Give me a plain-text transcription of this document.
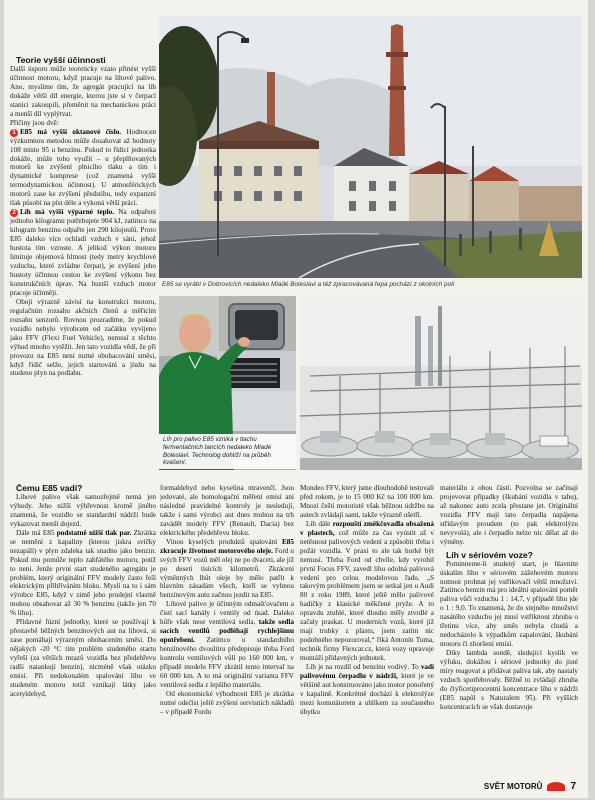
Teorie vyšší účinnosti

Další úsporu může teoreticky vzato přinést vyšší účinnost motoru, když pracuje na lihové palivo. Ano, myslíme tím, že agregát pracující na líh dokáže větší díl energie, kterou jste si v čerpací stanici zakoupili, přeměnit na mechanickou práci a menší díl vyplýtvat.

Příčiny jsou dvě:

1 E85 má vyšší oktanové číslo. Hodnocen výzkumnou metodou může dosahovat až hodnoty 108 místo 95 u benzínu. Pokud to řídicí jednotka dokáže, může toho využít – u přeplňovaných motorů ke zvýšení plnicího tlaku a tím i dynamické komprese (což znamená vyšší termodynamickou účinnost). U atmosférických motorů zase ke zvýšení předstihu, tedy expanzní tlak působí na píst déle a vykoná větší práci.

2 Líh má vyšší výparné teplo. Na odpaření jednoho kilogramu potřebujete 904 kJ, zatímco na kilogram benzinu odpařte jen 290 kilojoulů. Proto E85 daleko více ochladí vzduch v sání, jehož hustota tím vzroste. A jelikož výkon motoru limituje objemová hltnost (tedy metry krychlové vzduchu, které zvládne čerpat), je zvýšení jeho hustoty účinnou cestou ke zvýšení výkonu bez konstrukčních úprav. Na hustší vzduch motor pracuje účinněji.

Oboji výrazně závisí na konstrukci motoru, regulačním rozsahu akčních členů a měřicím rozsahu senzorů. Rovnou prozradíme, že pokud vozidlo nebylo výrobcem od začátku vyvíjeno jako FFV (Flexi Fuel Vehicle), nemusí z těchto výhod mnoho vytěžit. Jen tato vozidla vědí, že při provozu na E85 není nutné obohacování směsi, když řídič selže, jejich startování a jízdu na studeno plyn na podlahu.

Čemu E85 vadí?

Lihové palivo však samozřejmě nemá jen výhody. Jeho nižší výhřevnost kromě jiného znamená, že vozidlo se standardní nádrží bude vykazovat menší dojezd.

Dále má E85 podstatně nižší tlak par. Zkrátka se nemění z kapaliny (kterou jiskra svíčky nezapálí) v plyn zdaleka tak snadno jako benzin. Pokud mu pomůže teplo zahřátého motoru, potíž to není. Jenže první start studeného agregátu je problém, který originální FFV modely často řeší elektrickým přihříváním bloku. Myslí na to i sám výrobce E85, když v zimě jeho prodejní vlastně mohou obsahovat až 30 % benzinu (takže jen 70 % lihu).

Přídavné fúzní jednotky, které se používají k přestavbě běžných benzínových aut na lihová, si zase pomáhají výrazným obohacením směsi. Do nějakých -20 °C tím problém studeného startu vyřeší (za větších mrazů vozidla bez předehřevu radši natankují benzin), nicméně však otázku emisí. Při nedokonalém spalování lihu ve studeném motoru totiž vznikají látky jako acetyldehyd,

E85 se vyrábí v Dobrovicích nedaleko Mladé Boleslavi a též zpracovávaná řepa pochází z okolních polí
Líh pro palivo E85 vzniká v tlachu fermentačních tancích nedaleko Mladé Boleslavi. Technolog dohlíží na průběh kvašení.

formaldehyd nebo kyselina mravenčí. Jsou jedovaté, ale homologační měření emisí ani následné pravidelné kontroly je nesledují, takže i sami výrobci aut dnes mohou na trh zavádět modely FFV (Renault, Dacia) bez elektrického předehřevu bloku.

Vinou kyselých produktů spalování E85 zkracuje životnost motorového oleje. Ford u svých FFV vozů měl olej ne po dvaceti, ale jíž po deseti tisících kilometrů. Zkrácení výměnných lhůt oleje by mělo patřit k hlavním zásadám všech, kteří se vyhnou benzínovým autu začnou jezdit na E85.

Lihové palivo je účinným odmašťovačem a čistí sací kanály i ventily od úsad. Daleko hůře však nese ventilová sedla, takže sedla sacích ventilů podléhají rychlejšímu opotřebení. Zatímco u standardního benzínového dvoulitru předepisuje třeba Ford kontrolu ventilových vůlí po 160 000 km, v případě modelu FFV zkrátil tento interval na 60 000 km. A to má originální varianta FFV ventilová sedla z lepšího materiálu.

Od ekonomické výhodnosti E85 je zkrátka nutné odečíst ještě zvýšení servisních nákladů – v případě Fordu

Mondeo FFV, který jsme dlouhodobě testovali před rokem, je to 15 000 Kč na 100 000 km. Mnozí čeští motoristé však běžnou údržbu na autech zvládají sami, takže výrazně ušetří.

Líh dále rozpouští změkčovadla obsažená v plastech, což může za čas vyústit až v netěsnost palivových vedení a způsobit třeba i požár vozidla. V praxi to ale tak horké být nemusí. Třeba Ford od chvíle, kdy vyrobil první Focus FFV, zavedl lihu odolná palivová vedení pro celou modelovou řadu. „S takovým problémem jsem se setkal jen u Audi 80 z roku 1989, které ještě mělo palivové hadičky z klasické měkčené pryže. A to opravdu ztuhlé, které dlouho měly ztvrdlé a začaly praskat. U moderních vozů, které již mají trubky z plastu, jsem zatím nic podobného nepozoroval,“ říká Antonín Tuma, technik firmy Flexcar.cz, která vozy upravuje montáží přídavných jednotek.

Líh je na rozdíl od benzínu vodivý. To vadí palivovému čerpadlu v nádrži, které je ve většině aut konstruováno jako motor ponořený v kapalině. Konkrétně dochází k elektrolýze mezi komutátorem a uhlíkem za současného úbytku

materiálu z obou částí. Pozvolna se začínají projevovat případky (škubání vozidla v tahu), až nakonec auto zcela přestane jet. Originální vozidla FFV mají tato čerpadla napájena střídavým proudem (to pak elektrolýzu nevyvolá), ale i čerpadlo nelze nic dělat až do výměny.

Líh v sériovém voze?

Pominneme-li studený start, je hlavním úskalím lihu v sériovém zážehovém motoru nutnost prohnat jej vstřikovačí větší množství. Zatímco benzin má pro ideální spalování poměr paliva vůči vzduchu 1 : 14,7, v případě lihu jde o 1 : 9,0. To znamená, že do stejného množství nasátého vzduchu jej musí vstříknout zhruba o třetinu více, aby směs nebyla chudá a nedocházelo k výpadkům zapalování, škubání motoru či zhoršení emisí.

Díky lambda sondě, sledující kyslík ve výfuku, dokážou i sériové jednotky do jisté míry reagovat a přidávat paliva tak, aby nastaly vzduch spotřebovaly. Běžně to zvládají zhruba do čtyřicetiprocentní koncentrace lihu v nádrži (E85 napůl s Naturalem 95). Při vyšších koncentracích se však dostavuje

SVĚT MOTORŮ	7
